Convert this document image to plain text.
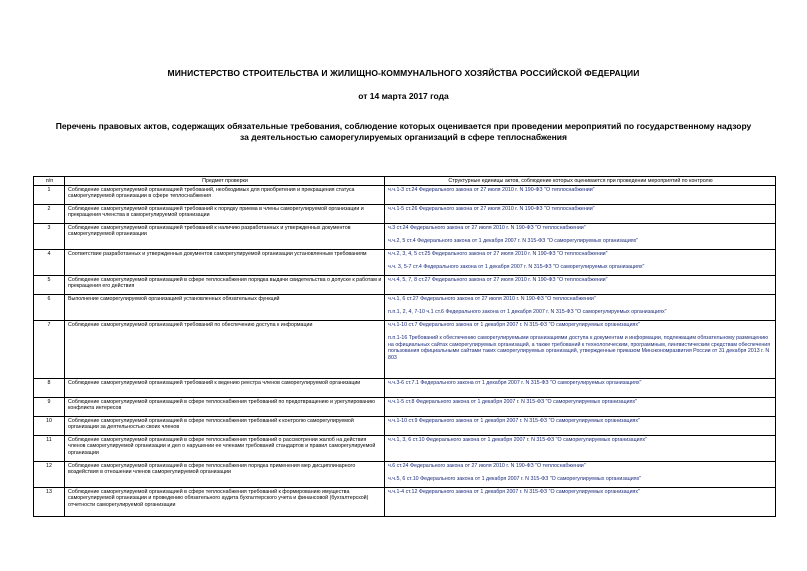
МИНИСТЕРСТВО СТРОИТЕЛЬСТВА И ЖИЛИЩНО-КОММУНАЛЬНОГО ХОЗЯЙСТВА РОССИЙСКОЙ ФЕДЕРАЦИИ
от 14 марта 2017 года
Перечень правовых актов, содержащих обязательные требования, соблюдение которых оценивается при проведении мероприятий по государственному надзору
за деятельностью саморегулируемых организаций в сфере теплоснабжения
п/п	Предмет проверки	Структурные единицы актов, соблюдение которых оценивается при проведении мероприятий по контролю
1	Соблюдение саморегулируемой организацией требований, необходимых для приобретения и прекращения статуса саморегулируемой организации в сфере теплоснабжения	ч.ч.1-3 ст.24 Федерального закона от 27 июля 2010 г. N 190-ФЗ "О теплоснабжении"

2	Соблюдение саморегулируемой организацией требований к порядку приема в члены саморегулируемой организации и прекращения членства в саморегулируемой организации	ч.ч.1-5 ст.26 Федерального закона от 27 июля 2010 г. N 190-ФЗ "О теплоснабжении"

3	Соблюдение саморегулируемой организацией требований к наличию разработанных и утвержденных документов саморегулируемой организации	ч.3 ст.24 Федерального закона от 27 июля 2010 г. N 190-ФЗ "О теплоснабжении"
ч.ч.2, 5 ст.4 Федерального закона от 1 декабря 2007 г. N 315-ФЗ "О саморегулируемых организациях"

4	Соответствие разработанных и утвержденных документов саморегулируемой организации установленным требованиям	ч.ч.2, 3, 4, 5 ст.25 Федерального закона от 27 июля 2010 г. N 190-ФЗ "О теплоснабжении"
ч.ч. 3, 5-7 ст.4 Федерального закона от 1 декабря 2007 г. N 315-ФЗ "О саморегулируемых организациях"

5	Соблюдение саморегулируемой организацией в сфере теплоснабжения порядка выдачи свидетельства о допуске к работам и прекращения его действия	ч.ч.4, 5, 7, 8 ст.27 Федерального закона от 27 июля 2010 г. N 190-ФЗ "О теплоснабжении"

6	Выполнение саморегулируемой организацией установленных обязательных функций	ч.ч.1, 6 ст.27 Федерального закона от 27 июля 2010 г. N 190-ФЗ "О теплоснабжении"
п.п.1, 2, 4, 7-10 ч.1 ст.6 Федерального закона от 1 декабря 2007 г. N 315-ФЗ "О саморегулируемых организациях"

7	Соблюдение саморегулируемой организацией требований по обеспечению доступа к информации	ч.ч.1-10 ст.7 Федерального закона от 1 декабря 2007 г. N 315-ФЗ "О саморегулируемых организациях"
п.п.1-16 Требований к обеспечению саморегулируемыми организациями доступа к документам и информации, подлежащим обязательному размещению на официальных сайтах саморегулируемых организаций, а также требований к технологическим, программным, лингвистическим средствам обеспечения пользования официальными сайтами таких саморегулируемых организаций, утвержденные приказом Минэкономразвития России от 31 декабря 2013 г. N 803

8	Соблюдение саморегулируемой организацией требований к ведению реестра членов саморегулируемой организации	ч.ч.3-6 ст.7.1 Федерального закона от 1 декабря 2007 г. N 315-ФЗ "О саморегулируемых организациях"

9	Соблюдение саморегулируемой организацией в сфере теплоснабжения требований по предотвращению и урегулированию конфликта интересов	ч.ч.1-5 ст.8 Федерального закона от 1 декабря 2007 г. N 315-ФЗ "О саморегулируемых организациях"

10	Соблюдение саморегулируемой организацией в сфере теплоснабжения требований к контролю саморегулируемой организации за деятельностью своих членов	ч.ч.1-10 ст.9 Федерального закона от 1 декабря 2007 г. N 315-ФЗ "О саморегулируемых организациях"

11	Соблюдение саморегулируемой организацией в сфере теплоснабжения требований о рассмотрении жалоб на действия членов саморегулируемой организации и дел о нарушении ее членами требований стандартов и правил саморегулируемой организации	ч.ч.1, 3, 6 ст.10 Федерального закона от 1 декабря 2007 г. N 315-ФЗ "О саморегулируемых организациях"

12	Соблюдение саморегулируемой организацией в сфере теплоснабжения порядка применения мер дисциплинарного воздействия в отношении членов саморегулируемой организации	ч.6 ст.24 Федерального закона от 27 июля 2010 г. N 190-ФЗ "О теплоснабжении"
ч.ч.5, 6 ст.10 Федерального закона от 1 декабря 2007 г. N 315-ФЗ "О саморегулируемых организациях"

13	Соблюдение саморегулируемой организацией в сфере теплоснабжения требований к формированию имущества саморегулируемой организации и проведению обязательного аудита бухгалтерского учета и финансовой (бухгалтерской) отчетности саморегулируемой организации	ч.ч.1-4 ст.12 Федерального закона от 1 декабря 2007 г. N 315-ФЗ "О саморегулируемых организациях"
